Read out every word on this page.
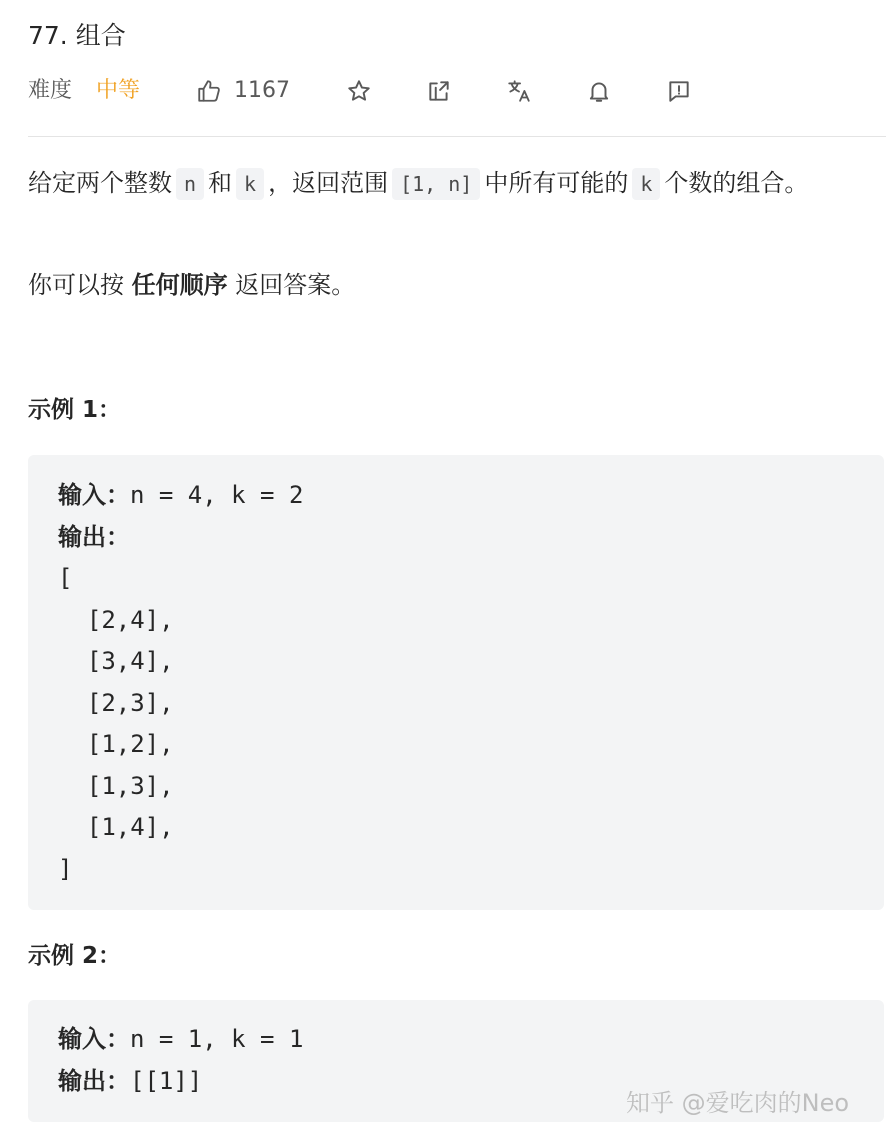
77. 组合
难度 中等	1167
给定两个整数 n 和 k ，返回范围 [1, n] 中所有可能的 k 个数的组合。
你可以按 任何顺序 返回答案。
示例 1：
输入：n = 4, k = 2
输出：
[
[2,4],
[3,4],
[2,3],
[1,2],
[1,3],
[1,4],
]
示例 2：
输入：n = 1, k = 1
输出：[[1]]
知乎 @爱吃肉的Neo
